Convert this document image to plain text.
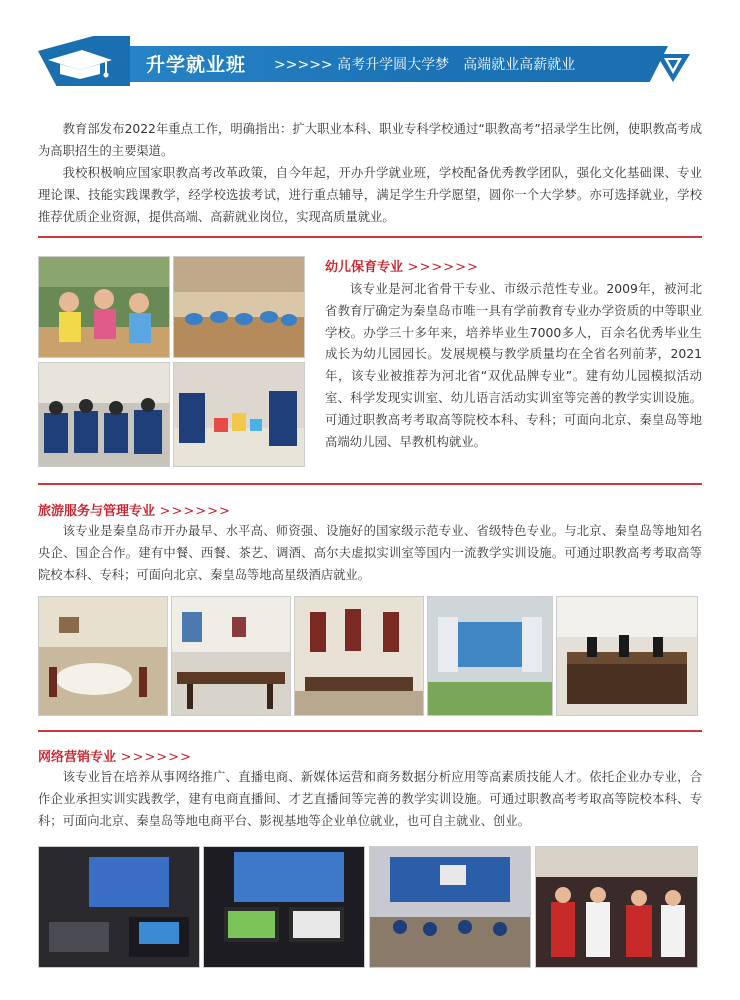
升学就业班 >>>>> 高考升学圆大学梦　高端就业高薪就业
教育部发布2022年重点工作，明确指出：扩大职业本科、职业专科学校通过“职教高考”招录学生比例，使职教高考成为高职招生的主要渠道。
我校积极响应国家职教高考改革政策，自今年起，开办升学就业班，学校配备优秀教学团队，强化文化基础课、专业理论课、技能实践课教学，经学校选拔考试，进行重点辅导，满足学生升学愿望，圆你一个大学梦。亦可选择就业，学校推荐优质企业资源，提供高端、高薪就业岗位，实现高质量就业。
幼儿保育专业 >>>>>>
该专业是河北省骨干专业、市级示范性专业。2009年，被河北省教育厅确定为秦皇岛市唯一具有学前教育专业办学资质的中等职业学校。办学三十多年来，培养毕业生7000多人，百余名优秀毕业生成长为幼儿园园长。发展规模与教学质量均在全省名列前茅，2021年，该专业被推荐为河北省“双优品牌专业”。建有幼儿园模拟活动室、科学发现实训室、幼儿语言活动实训室等完善的教学实训设施。可通过职教高考考取高等院校本科、专科；可面向北京、秦皇岛等地高端幼儿园、早教机构就业。
旅游服务与管理专业 >>>>>>
该专业是秦皇岛市开办最早、水平高、师资强、设施好的国家级示范专业、省级特色专业。与北京、秦皇岛等地知名央企、国企合作。建有中餐、西餐、茶艺、调酒、高尔夫虚拟实训室等国内一流教学实训设施。可通过职教高考考取高等院校本科、专科；可面向北京、秦皇岛等地高星级酒店就业。
网络营销专业 >>>>>>
该专业旨在培养从事网络推广、直播电商、新媒体运营和商务数据分析应用等高素质技能人才。依托企业办专业，合作企业承担实训实践教学，建有电商直播间、才艺直播间等完善的教学实训设施。可通过职教高考考取高等院校本科、专科；可面向北京、秦皇岛等地电商平台、影视基地等企业单位就业，也可自主就业、创业。
